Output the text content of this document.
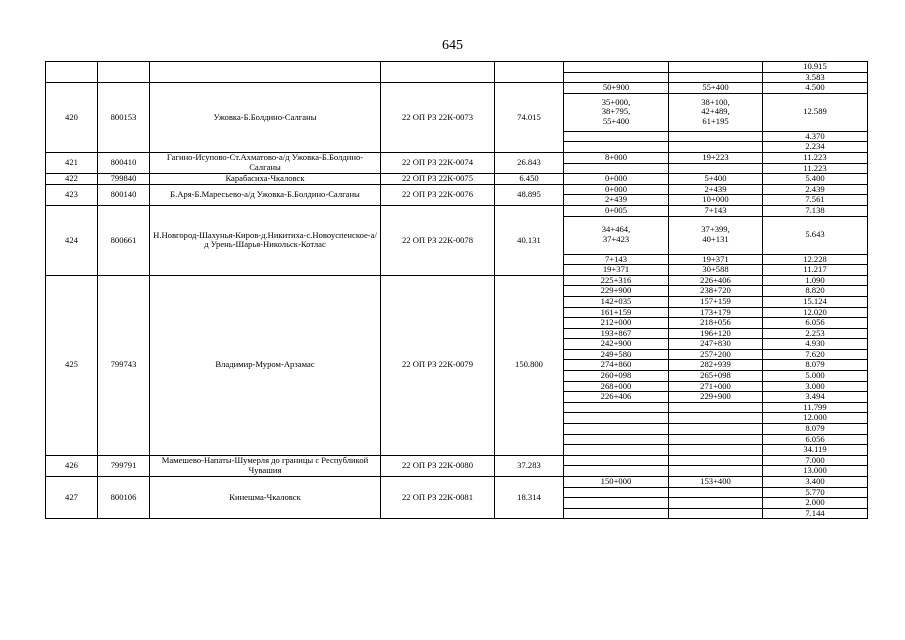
645
							10.915
							3.583
420	800153	Ужовка-Б.Болдино-Салганы	22 ОП РЗ 22К-0073	74.015	50+900	55+400	4.500
					35+000,
38+795,
55+400	38+100,
42+489,
61+195	12.589
							4.370
							2.234
421	800410	Гагино-Исупово-Ст.Ахматово-а/д Ужовка-Б.Болдино-Салганы	22 ОП РЗ 22К-0074	26.843	8+000	19+223	11.223
							11.223
422	799840	Карабасиха-Чкаловск	22 ОП РЗ 22К-0075	6.450	0+000	5+400	5.400
423	800140	Б.Аря-Б.Маресьево-а/д Ужовка-Б.Болдино-Салганы	22 ОП РЗ 22К-0076	48.895	0+000	2+439	2.439
					2+439	10+000	7.561
424	800661	Н.Новгород-Шахунья-Киров-д.Никитиха-с.Новоуспенское-а/д Урень-Шарья-Никольск-Котлас	22 ОП РЗ 22К-0078	40.131	0+005	7+143	7.138
					34+464,
37+423	37+399,
40+131	5.643
					7+143	19+371	12.228
					19+371	30+588	11.217
425	799743	Владимир-Муром-Арзамас	22 ОП РЗ 22К-0079	150.800	225+316	226+406	1.090
					229+900	238+720	8.820
					142+035	157+159	15.124
					161+159	173+179	12.020
					212+000	218+056	6.056
					193+867	196+120	2.253
					242+900	247+830	4.930
					249+580	257+200	7.620
					274+860	282+939	8.079
					260+098	265+098	5.000
					268+000	271+000	3.000
					226+406	229+900	3.494
							11.799
							12.000
							8.079
							6.056
							34.119
426	799791	Мамешево-Напаты-Шумерля до границы с Республикой Чувашия	22 ОП РЗ 22К-0080	37.283			7.000
							13.000
427	800106	Кинешма-Чкаловск	22 ОП РЗ 22К-0081	18.314	150+000	153+400	3.400
							5.770
							2.000
							7.144
